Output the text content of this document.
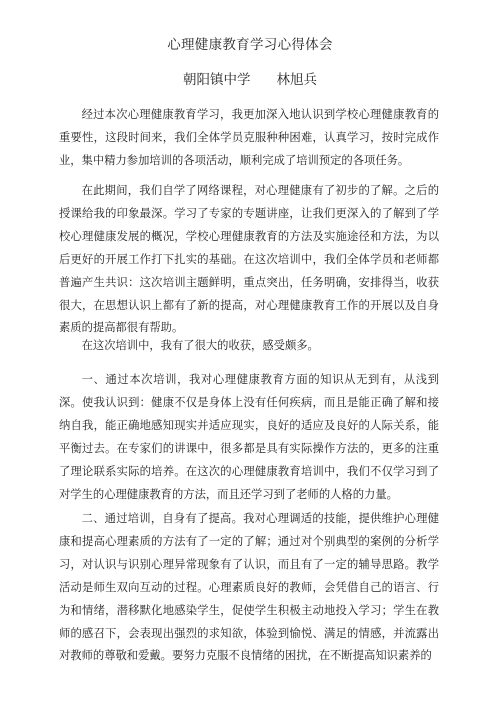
心理健康教育学习心得体会
朝阳镇中学 林旭兵

经过本次心理健康教育学习，我更加深入地认识到学校心理健康教育的重要性，这段时间来，我们全体学员克服种种困难，认真学习，按时完成作业，集中精力参加培训的各项活动，顺利完成了培训预定的各项任务。

在此期间，我们自学了网络课程，对心理健康有了初步的了解。之后的授课给我的印象最深。学习了专家的专题讲座，让我们更深入的了解到了学校心理健康发展的概况，学校心理健康教育的方法及实施途径和方法，为以后更好的开展工作打下扎实的基础。在这次培训中，我们全体学员和老师都普遍产生共识：这次培训主题鲜明，重点突出，任务明确，安排得当，收获很大，在思想认识上都有了新的提高，对心理健康教育工作的开展以及自身素质的提高都很有帮助。

在这次培训中，我有了很大的收获，感受颇多。

一、通过本次培训，我对心理健康教育方面的知识从无到有，从浅到深。使我认识到：健康不仅是身体上没有任何疾病，而且是能正确了解和接纳自我，能正确地感知现实并适应现实，良好的适应及良好的人际关系，能平衡过去。在专家们的讲课中，很多都是具有实际操作方法的，更多的注重了理论联系实际的培养。在这次的心理健康教育培训中，我们不仅学习到了对学生的心理健康教育的方法，而且还学习到了老师的人格的力量。

二、通过培训，自身有了提高。我对心理调适的技能，提供维护心理健康和提高心理素质的方法有了一定的了解；通过对个别典型的案例的分析学习，对认识与识别心理异常现象有了认识，而且有了一定的辅导思路。教学活动是师生双向互动的过程。心理素质良好的教师，会凭借自己的语言、行为和情绪，潜移默化地感染学生，促使学生积极主动地投入学习；学生在教师的感召下，会表现出强烈的求知欲，体验到愉悦、满足的情感，并流露出对教师的尊敬和爱戴。要努力克服不良情绪的困扰，在不断提高知识素养的
